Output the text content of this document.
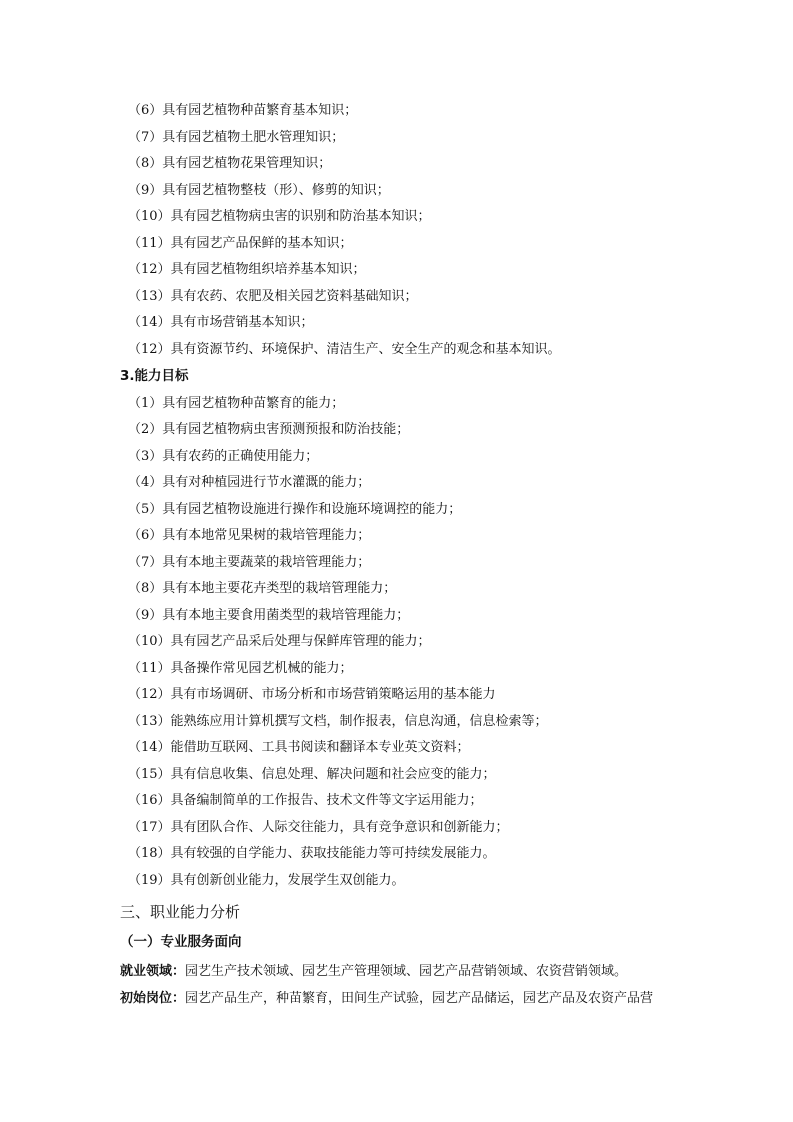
（6）具有园艺植物种苗繁育基本知识；
（7）具有园艺植物土肥水管理知识；
（8）具有园艺植物花果管理知识；
（9）具有园艺植物整枝（形）、修剪的知识；
（10）具有园艺植物病虫害的识别和防治基本知识；
（11）具有园艺产品保鲜的基本知识；
（12）具有园艺植物组织培养基本知识；
（13）具有农药、农肥及相关园艺资料基础知识；
（14）具有市场营销基本知识；
（12）具有资源节约、环境保护、清洁生产、安全生产的观念和基本知识。
3.能力目标
（1）具有园艺植物种苗繁育的能力；
（2）具有园艺植物病虫害预测预报和防治技能；
（3）具有农药的正确使用能力；
（4）具有对种植园进行节水灌溉的能力；
（5）具有园艺植物设施进行操作和设施环境调控的能力；
（6）具有本地常见果树的栽培管理能力；
（7）具有本地主要蔬菜的栽培管理能力；
（8）具有本地主要花卉类型的栽培管理能力；
（9）具有本地主要食用菌类型的栽培管理能力；
（10）具有园艺产品采后处理与保鲜库管理的能力；
（11）具备操作常见园艺机械的能力；
（12）具有市场调研、市场分析和市场营销策略运用的基本能力
（13）能熟练应用计算机撰写文档，制作报表，信息沟通，信息检索等；
（14）能借助互联网、工具书阅读和翻译本专业英文资料；
（15）具有信息收集、信息处理、解决问题和社会应变的能力；
（16）具备编制简单的工作报告、技术文件等文字运用能力；
（17）具有团队合作、人际交往能力，具有竞争意识和创新能力；
（18）具有较强的自学能力、获取技能能力等可持续发展能力。
（19）具有创新创业能力，发展学生双创能力。
三、职业能力分析
（一）专业服务面向
就业领域：园艺生产技术领域、园艺生产管理领域、园艺产品营销领域、农资营销领域。
初始岗位：园艺产品生产，种苗繁育，田间生产试验，园艺产品储运，园艺产品及农资产品营
